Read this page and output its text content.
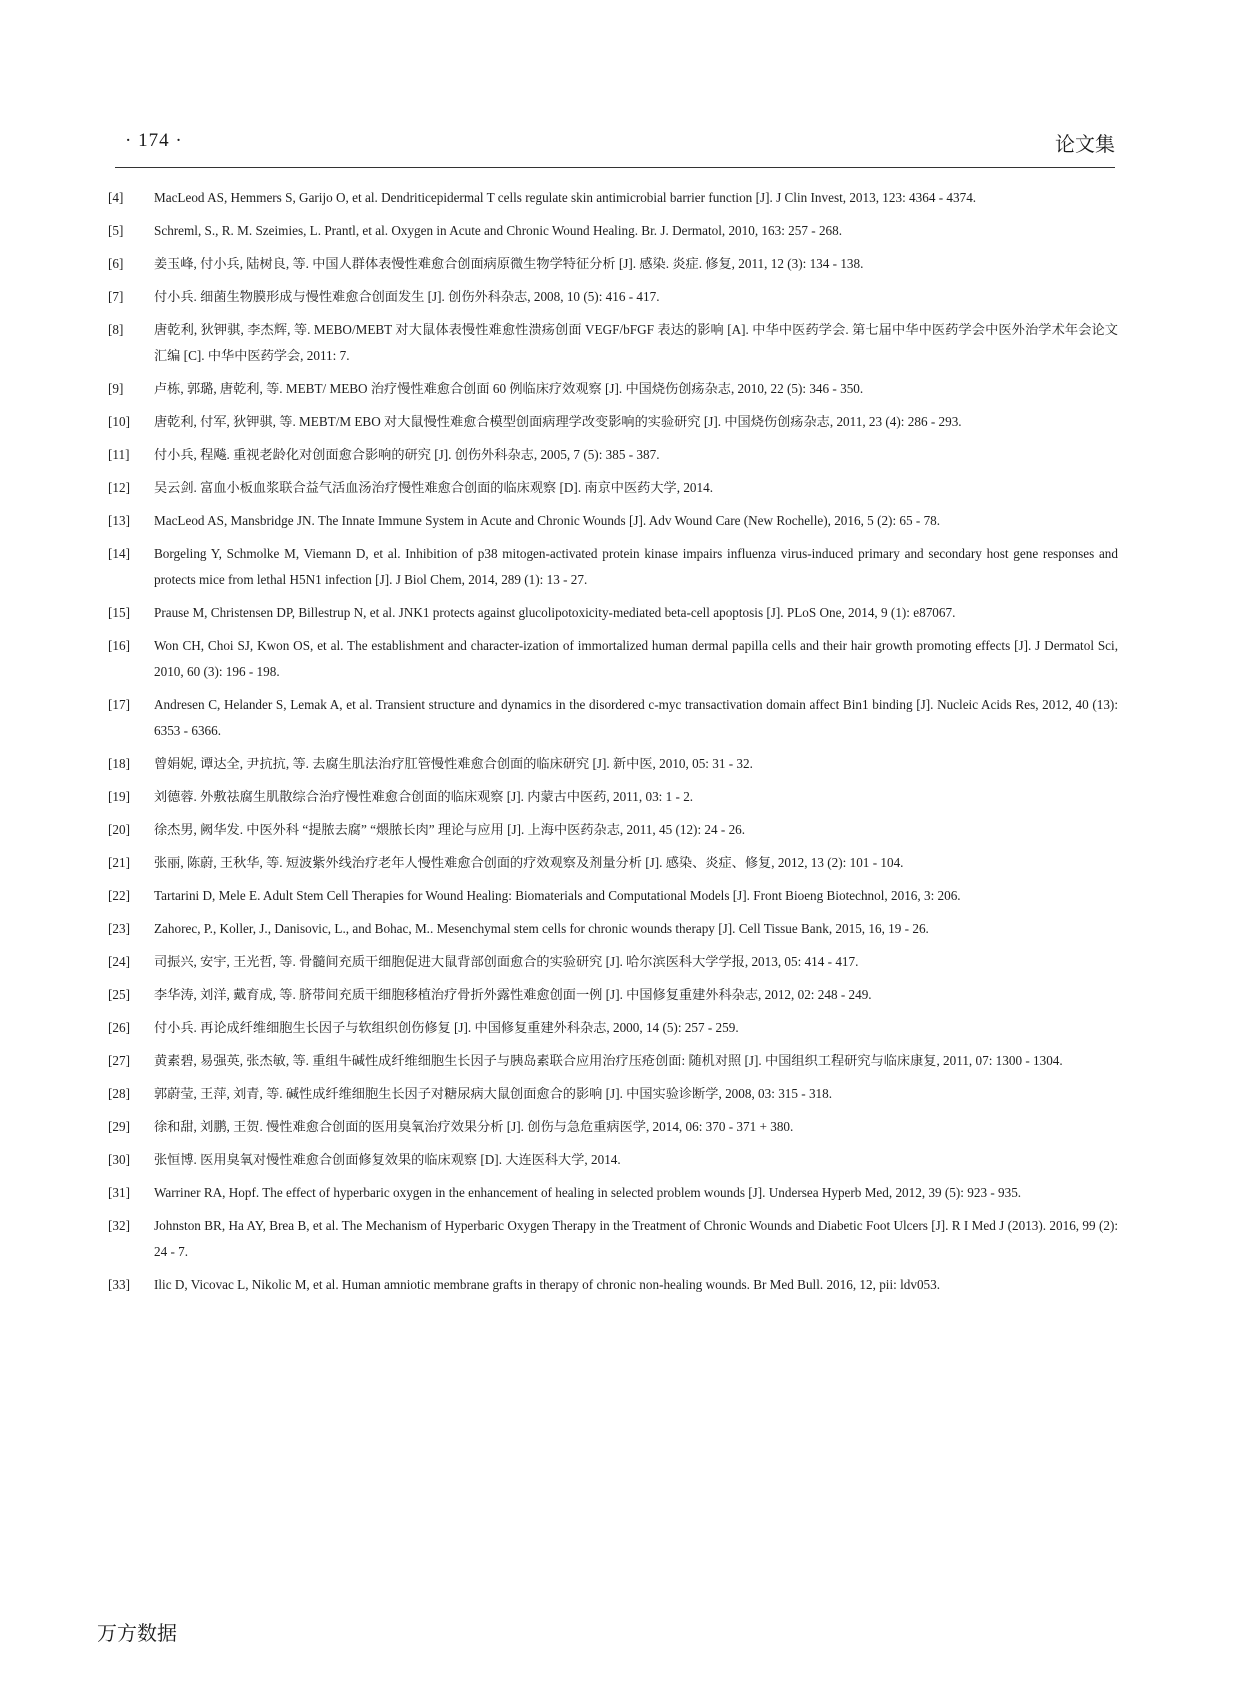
· 174 ·	论文集
[4]	MacLeod AS, Hemmers S, Garijo O, et al. Dendriticepidermal T cells regulate skin antimicrobial barrier function [J]. J Clin Invest, 2013, 123: 4364 - 4374.
[5]	Schreml, S., R. M. Szeimies, L. Prantl, et al. Oxygen in Acute and Chronic Wound Healing. Br. J. Dermatol, 2010, 163: 257 - 268.
[6]	姜玉峰, 付小兵, 陆树良, 等. 中国人群体表慢性难愈合创面病原微生物学特征分析 [J]. 感染. 炎症. 修复, 2011, 12 (3): 134 - 138.
[7]	付小兵. 细菌生物膜形成与慢性难愈合创面发生 [J]. 创伤外科杂志, 2008, 10 (5): 416 - 417.
[8]	唐乾利, 狄钾骐, 李杰辉, 等. MEBO/MEBT 对大鼠体表慢性难愈性溃疡创面 VEGF/bFGF 表达的影响 [A]. 中华中医药学会. 第七届中华中医药学会中医外治学术年会论文汇编 [C]. 中华中医药学会, 2011: 7.
[9]	卢栋, 郭璐, 唐乾利, 等. MEBT/ MEBO 治疗慢性难愈合创面 60 例临床疗效观察 [J]. 中国烧伤创疡杂志, 2010, 22 (5): 346 - 350.
[10]	唐乾利, 付军, 狄钾骐, 等. MEBT/M EBO 对大鼠慢性难愈合模型创面病理学改变影响的实验研究 [J]. 中国烧伤创疡杂志, 2011, 23 (4): 286 - 293.
[11]	付小兵, 程飚. 重视老龄化对创面愈合影响的研究 [J]. 创伤外科杂志, 2005, 7 (5): 385 - 387.
[12]	吴云剑. 富血小板血浆联合益气活血汤治疗慢性难愈合创面的临床观察 [D]. 南京中医药大学, 2014.
[13]	MacLeod AS, Mansbridge JN. The Innate Immune System in Acute and Chronic Wounds [J]. Adv Wound Care (New Rochelle), 2016, 5 (2): 65 - 78.
[14]	Borgeling Y, Schmolke M, Viemann D, et al. Inhibition of p38 mitogen-activated protein kinase impairs influenza virus-induced primary and secondary host gene responses and protects mice from lethal H5N1 infection [J]. J Biol Chem, 2014, 289 (1): 13 - 27.
[15]	Prause M, Christensen DP, Billestrup N, et al. JNK1 protects against glucolipotoxicity-mediated beta-cell apoptosis [J]. PLoS One, 2014, 9 (1): e87067.
[16]	Won CH, Choi SJ, Kwon OS, et al. The establishment and character-ization of immortalized human dermal papilla cells and their hair growth promoting effects [J]. J Dermatol Sci, 2010, 60 (3): 196 - 198.
[17]	Andresen C, Helander S, Lemak A, et al. Transient structure and dynamics in the disordered c-myc transactivation domain affect Bin1 binding [J]. Nucleic Acids Res, 2012, 40 (13): 6353 - 6366.
[18]	曾娟妮, 谭达全, 尹抗抗, 等. 去腐生肌法治疗肛管慢性难愈合创面的临床研究 [J]. 新中医, 2010, 05: 31 - 32.
[19]	刘德蓉. 外敷祛腐生肌散综合治疗慢性难愈合创面的临床观察 [J]. 内蒙古中医药, 2011, 03: 1 - 2.
[20]	徐杰男, 阙华发. 中医外科 “提脓去腐” “煨脓长肉” 理论与应用 [J]. 上海中医药杂志, 2011, 45 (12): 24 - 26.
[21]	张丽, 陈蔚, 王秋华, 等. 短波紫外线治疗老年人慢性难愈合创面的疗效观察及剂量分析 [J]. 感染、炎症、修复, 2012, 13 (2): 101 - 104.
[22]	Tartarini D, Mele E. Adult Stem Cell Therapies for Wound Healing: Biomaterials and Computational Models [J]. Front Bioeng Biotechnol, 2016, 3: 206.
[23]	Zahorec, P., Koller, J., Danisovic, L., and Bohac, M.. Mesenchymal stem cells for chronic wounds therapy [J]. Cell Tissue Bank, 2015, 16, 19 - 26.
[24]	司振兴, 安宇, 王光哲, 等. 骨髓间充质干细胞促进大鼠背部创面愈合的实验研究 [J]. 哈尔滨医科大学学报, 2013, 05: 414 - 417.
[25]	李华涛, 刘洋, 戴育成, 等. 脐带间充质干细胞移植治疗骨折外露性难愈创面一例 [J]. 中国修复重建外科杂志, 2012, 02: 248 - 249.
[26]	付小兵. 再论成纤维细胞生长因子与软组织创伤修复 [J]. 中国修复重建外科杂志, 2000, 14 (5): 257 - 259.
[27]	黄素碧, 易强英, 张杰敏, 等. 重组牛碱性成纤维细胞生长因子与胰岛素联合应用治疗压疮创面: 随机对照 [J]. 中国组织工程研究与临床康复, 2011, 07: 1300 - 1304.
[28]	郭蔚莹, 王萍, 刘青, 等. 碱性成纤维细胞生长因子对糖尿病大鼠创面愈合的影响 [J]. 中国实验诊断学, 2008, 03: 315 - 318.
[29]	徐和甜, 刘鹏, 王贺. 慢性难愈合创面的医用臭氧治疗效果分析 [J]. 创伤与急危重病医学, 2014, 06: 370 - 371 + 380.
[30]	张恒博. 医用臭氧对慢性难愈合创面修复效果的临床观察 [D]. 大连医科大学, 2014.
[31]	Warriner RA, Hopf. The effect of hyperbaric oxygen in the enhancement of healing in selected problem wounds [J]. Undersea Hyperb Med, 2012, 39 (5): 923 - 935.
[32]	Johnston BR, Ha AY, Brea B, et al. The Mechanism of Hyperbaric Oxygen Therapy in the Treatment of Chronic Wounds and Diabetic Foot Ulcers [J]. R I Med J (2013). 2016, 99 (2): 24 - 7.
[33]	Ilic D, Vicovac L, Nikolic M, et al. Human amniotic membrane grafts in therapy of chronic non-healing wounds. Br Med Bull. 2016, 12, pii: ldv053.
万方数据
